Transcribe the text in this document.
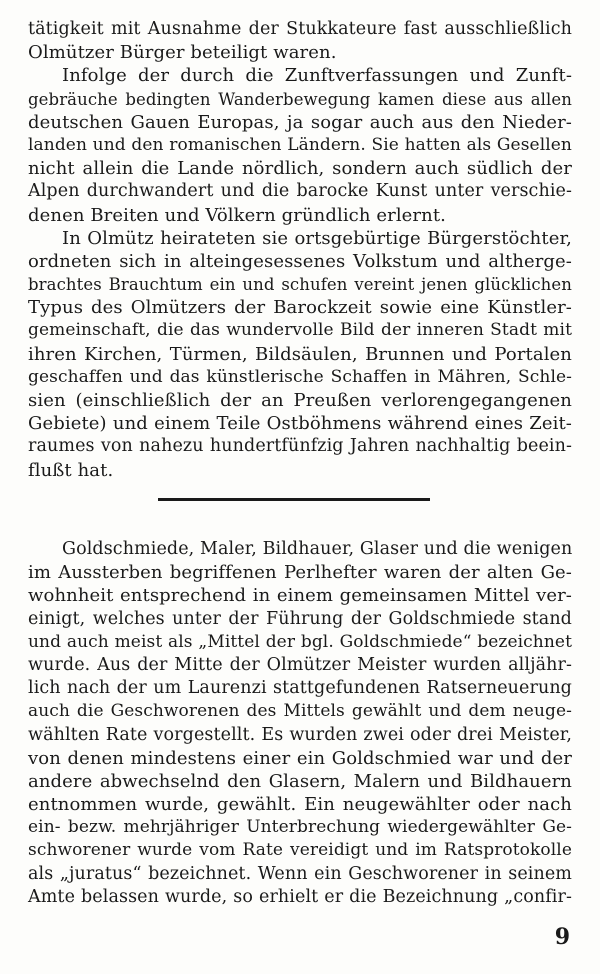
tätigkeit mit Ausnahme der Stukkateure fast ausschließlich
Olmützer Bürger beteiligt waren.
Infolge der durch die Zunftverfassungen und Zunft-
gebräuche bedingten Wanderbewegung kamen diese aus allen
deutschen Gauen Europas, ja sogar auch aus den Nieder-
landen und den romanischen Ländern. Sie hatten als Gesellen
nicht allein die Lande nördlich, sondern auch südlich der
Alpen durchwandert und die barocke Kunst unter verschie-
denen Breiten und Völkern gründlich erlernt.
In Olmütz heirateten sie ortsgebürtige Bürgerstöchter,
ordneten sich in alteingesessenes Volkstum und altherge-
brachtes Brauchtum ein und schufen vereint jenen glücklichen
Typus des Olmützers der Barockzeit sowie eine Künstler-
gemeinschaft, die das wundervolle Bild der inneren Stadt mit
ihren Kirchen, Türmen, Bildsäulen, Brunnen und Portalen
geschaffen und das künstlerische Schaffen in Mähren, Schle-
sien (einschließlich der an Preußen verlorengegangenen
Gebiete) und einem Teile Ostböhmens während eines Zeit-
raumes von nahezu hundertfünfzig Jahren nachhaltig beein-
flußt hat.
Goldschmiede, Maler, Bildhauer, Glaser und die wenigen
im Aussterben begriffenen Perlhefter waren der alten Ge-
wohnheit entsprechend in einem gemeinsamen Mittel ver-
einigt, welches unter der Führung der Goldschmiede stand
und auch meist als „Mittel der bgl. Goldschmiede“ bezeichnet
wurde. Aus der Mitte der Olmützer Meister wurden alljähr-
lich nach der um Laurenzi stattgefundenen Ratserneuerung
auch die Geschworenen des Mittels gewählt und dem neuge-
wählten Rate vorgestellt. Es wurden zwei oder drei Meister,
von denen mindestens einer ein Goldschmied war und der
andere abwechselnd den Glasern, Malern und Bildhauern
entnommen wurde, gewählt. Ein neugewählter oder nach
ein- bezw. mehrjähriger Unterbrechung wiedergewählter Ge-
schworener wurde vom Rate vereidigt und im Ratsprotokolle
als „juratus“ bezeichnet. Wenn ein Geschworener in seinem
Amte belassen wurde, so erhielt er die Bezeichnung „confir-
9
